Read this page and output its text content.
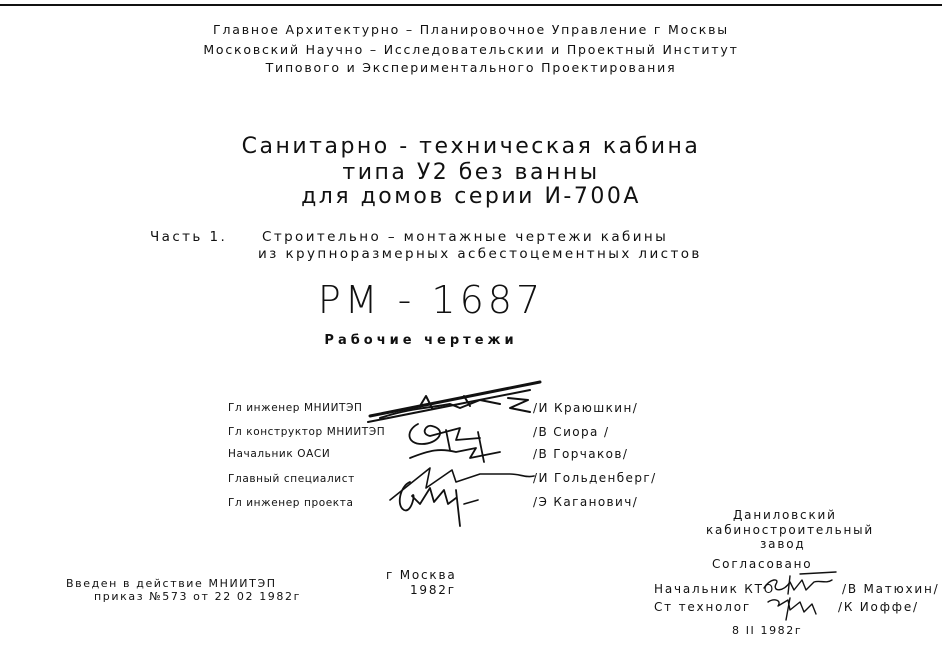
Главное Архитектурно – Планировочное Управление г Москвы
Московский Научно – Исследовательскии и Проектный Институт
Типового и Экспериментального Проектирования
Санитарно - техническая кабина
типа У2 без ванны
для домов серии И-700А
Часть 1.	Строительно – монтажные чертежи кабины
из крупноразмерных асбестоцементных листов
РМ - 1687
Рабочие чертежи
Гл инженер МНИИТЭП	/И Краюшкин/
Гл конструктор МНИИТЭП	/В Сиора /
Начальник ОАСИ	/В Горчаков/
Главный специалист	/И Гольденберг/
Гл инженер проекта	/Э Каганович/
Введен в действие МНИИТЭП
приказ №573 от 22 02 1982г
г Москва
1982г
Даниловский
кабиностроительный
завод
Согласовано
Начальник КТО	/В Матюхин/
Ст технолог	/К Иоффе/
8 II 1982г
